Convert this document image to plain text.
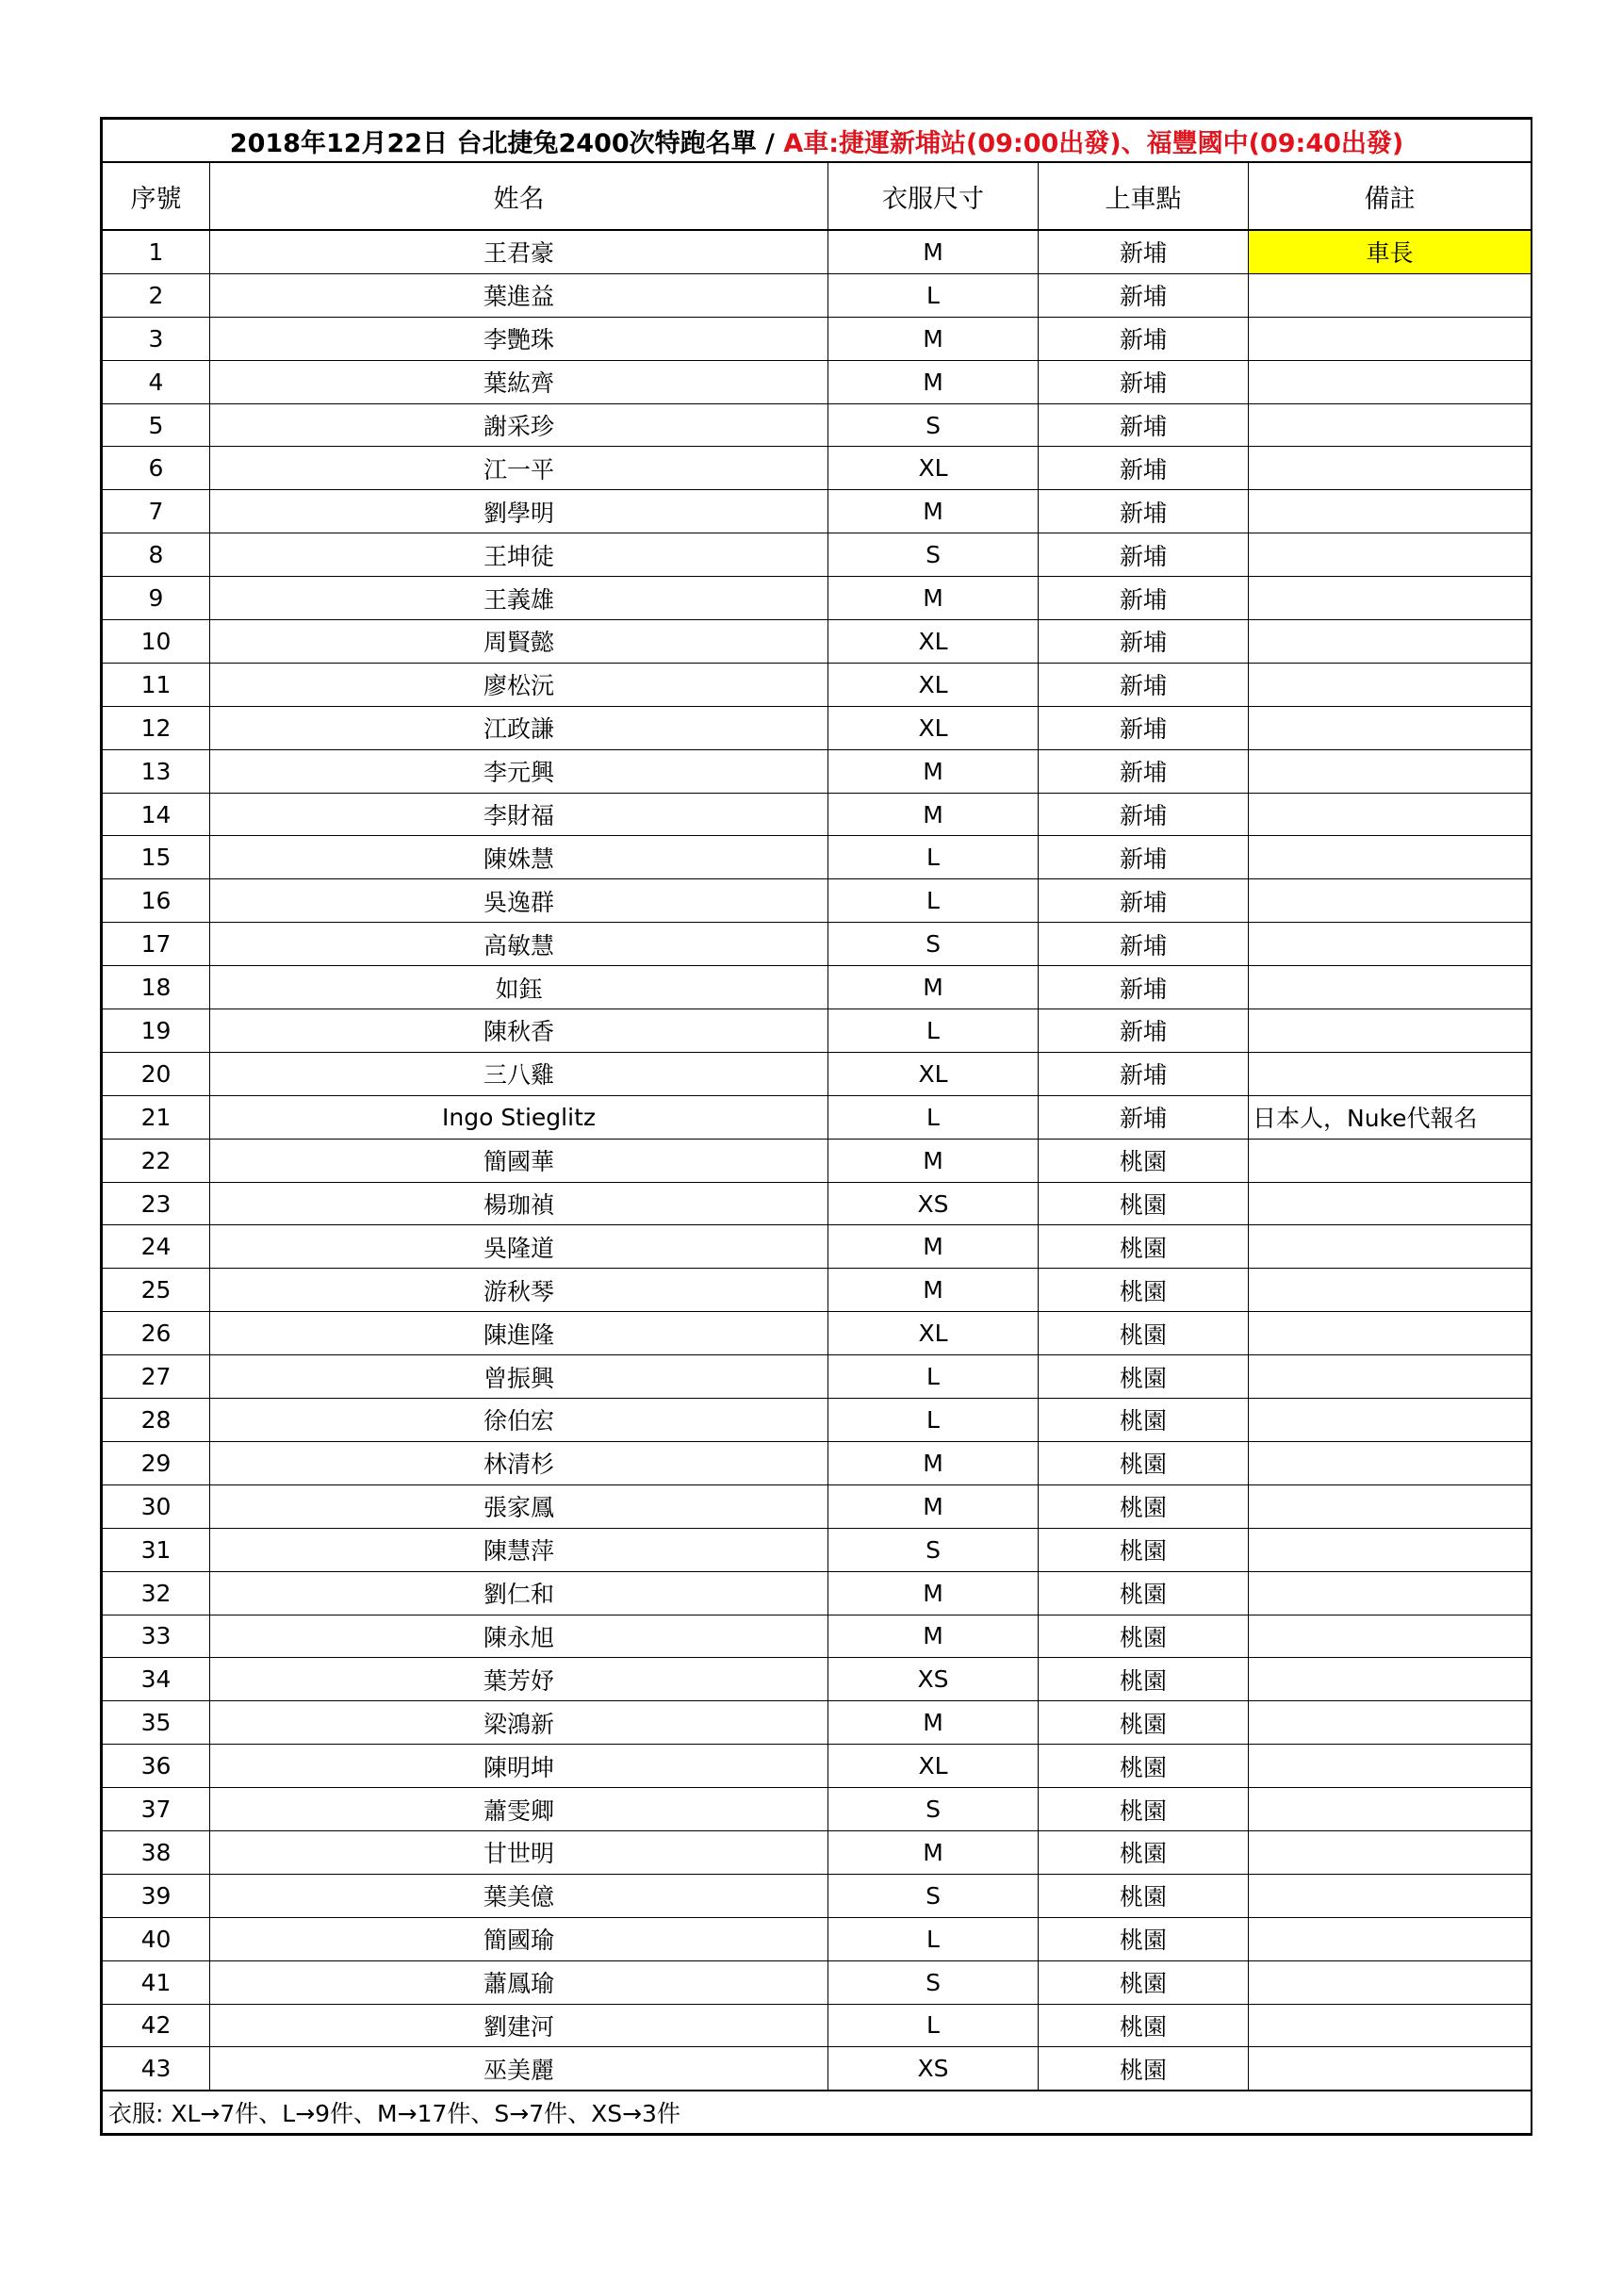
2018年12月22日 台北捷兔2400次特跑名單 / A車:捷運新埔站(09:00出發)、福豐國中(09:40出發)				
序號	姓名	衣服尺寸	上車點	備註
1	王君豪	M	新埔	車長
2	葉進益	L	新埔	
3	李艷珠	M	新埔	
4	葉紘齊	M	新埔	
5	謝采珍	S	新埔	
6	江一平	XL	新埔	
7	劉學明	M	新埔	
8	王坤徒	S	新埔	
9	王義雄	M	新埔	
10	周賢懿	XL	新埔	
11	廖松沅	XL	新埔	
12	江政謙	XL	新埔	
13	李元興	M	新埔	
14	李財福	M	新埔	
15	陳姝慧	L	新埔	
16	吳逸群	L	新埔	
17	高敏慧	S	新埔	
18	如鈺	M	新埔	
19	陳秋香	L	新埔	
20	三八雞	XL	新埔	
21	Ingo Stieglitz	L	新埔	日本人，Nuke代報名
22	簡國華	M	桃園	
23	楊珈禎	XS	桃園	
24	吳隆道	M	桃園	
25	游秋琴	M	桃園	
26	陳進隆	XL	桃園	
27	曾振興	L	桃園	
28	徐伯宏	L	桃園	
29	林清杉	M	桃園	
30	張家鳳	M	桃園	
31	陳慧萍	S	桃園	
32	劉仁和	M	桃園	
33	陳永旭	M	桃園	
34	葉芳妤	XS	桃園	
35	梁鴻新	M	桃園	
36	陳明坤	XL	桃園	
37	蕭雯卿	S	桃園	
38	甘世明	M	桃園	
39	葉美億	S	桃園	
40	簡國瑜	L	桃園	
41	蕭鳳瑜	S	桃園	
42	劉建河	L	桃園	
43	巫美麗	XS	桃園	
衣服: XL→7件、L→9件、M→17件、S→7件、XS→3件				
